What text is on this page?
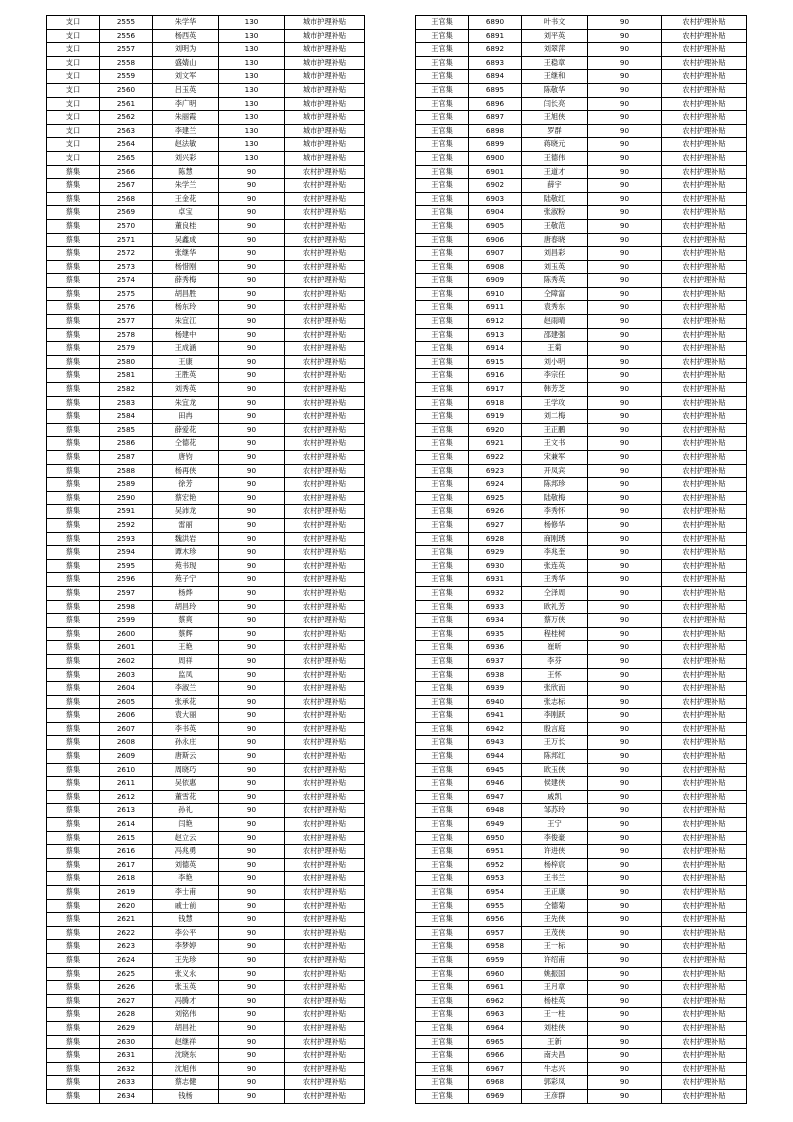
支口	2555	朱学华	130	城市护理补贴
支口	2556	杨西英	130	城市护理补贴
支口	2557	刘明为	130	城市护理补贴
支口	2558	盛婧山	130	城市护理补贴
支口	2559	刘文军	130	城市护理补贴
支口	2560	吕玉英	130	城市护理补贴
支口	2561	李广明	130	城市护理补贴
支口	2562	朱丽霞	130	城市护理补贴
支口	2563	李建兰	130	城市护理补贴
支口	2564	赵法敏	130	城市护理补贴
支口	2565	刘兴彩	130	城市护理补贴
蔡集	2566	陈慧	90	农村护理补贴
蔡集	2567	朱学兰	90	农村护理补贴
蔡集	2568	王金花	90	农村护理补贴
蔡集	2569	卓宝	90	农村护理补贴
蔡集	2570	董良桂	90	农村护理补贴
蔡集	2571	吴鑫成	90	农村护理补贴
蔡集	2572	张继华	90	农村护理补贴
蔡集	2573	杨惜刚	90	农村护理补贴
蔡集	2574	薛秀梅	90	农村护理补贴
蔡集	2575	胡昌胜	90	农村护理补贴
蔡集	2576	杨东玲	90	农村护理补贴
蔡集	2577	朱宜江	90	农村护理补贴
蔡集	2578	杨建中	90	农村护理补贴
蔡集	2579	王成涵	90	农村护理补贴
蔡集	2580	王康	90	农村护理补贴
蔡集	2581	王胜英	90	农村护理补贴
蔡集	2582	刘秀英	90	农村护理补贴
蔡集	2583	朱宜龙	90	农村护理补贴
蔡集	2584	田冉	90	农村护理补贴
蔡集	2585	薛爱花	90	农村护理补贴
蔡集	2586	仝德花	90	农村护理补贴
蔡集	2587	唐钧	90	农村护理补贴
蔡集	2588	杨再侠	90	农村护理补贴
蔡集	2589	徐芳	90	农村护理补贴
蔡集	2590	蔡宏艳	90	农村护理补贴
蔡集	2591	吴沛龙	90	农村护理补贴
蔡集	2592	雷丽	90	农村护理补贴
蔡集	2593	魏洪岩	90	农村护理补贴
蔡集	2594	谭木珍	90	农村护理补贴
蔡集	2595	苑书现	90	农村护理补贴
蔡集	2596	苑子宁	90	农村护理补贴
蔡集	2597	杨烨	90	农村护理补贴
蔡集	2598	胡昌玲	90	农村护理补贴
蔡集	2599	蔡爽	90	农村护理补贴
蔡集	2600	蔡辉	90	农村护理补贴
蔡集	2601	王艳	90	农村护理补贴
蔡集	2602	周祥	90	农村护理补贴
蔡集	2603	监凤	90	农村护理补贴
蔡集	2604	李淑兰	90	农村护理补贴
蔡集	2605	张承花	90	农村护理补贴
蔡集	2606	袁大丽	90	农村护理补贴
蔡集	2607	李书英	90	农村护理补贴
蔡集	2608	孙永庄	90	农村护理补贴
蔡集	2609	唐斯云	90	农村护理补贴
蔡集	2610	周晓巧	90	农村护理补贴
蔡集	2611	吴依惠	90	农村护理补贴
蔡集	2612	董雪花	90	农村护理补贴
蔡集	2613	孙礼	90	农村护理补贴
蔡集	2614	闫艳	90	农村护理补贴
蔡集	2615	赵立云	90	农村护理补贴
蔡集	2616	冯兆勇	90	农村护理补贴
蔡集	2617	刘德英	90	农村护理补贴
蔡集	2618	李艳	90	农村护理补贴
蔡集	2619	李士甫	90	农村护理补贴
蔡集	2620	戚士前	90	农村护理补贴
蔡集	2621	钱慧	90	农村护理补贴
蔡集	2622	李公平	90	农村护理补贴
蔡集	2623	李梦婷	90	农村护理补贴
蔡集	2624	王先珍	90	农村护理补贴
蔡集	2625	张义永	90	农村护理补贴
蔡集	2626	张玉英	90	农村护理补贴
蔡集	2627	冯腾才	90	农村护理补贴
蔡集	2628	刘铭伟	90	农村护理补贴
蔡集	2629	胡昌社	90	农村护理补贴
蔡集	2630	赵继祥	90	农村护理补贴
蔡集	2631	沈晓东	90	农村护理补贴
蔡集	2632	沈旭伟	90	农村护理补贴
蔡集	2633	蔡志健	90	农村护理补贴
蔡集	2634	钱杨	90	农村护理补贴
王官集	6890	叶书文	90	农村护理补贴
王官集	6891	刘平英	90	农村护理补贴
王官集	6892	刘翠萍	90	农村护理补贴
王官集	6893	王稳章	90	农村护理补贴
王官集	6894	王继和	90	农村护理补贴
王官集	6895	陈敬华	90	农村护理补贴
王官集	6896	闫长亮	90	农村护理补贴
王官集	6897	王旭侠	90	农村护理补贴
王官集	6898	罗群	90	农村护理补贴
王官集	6899	蒋晓元	90	农村护理补贴
王官集	6900	王德伟	90	农村护理补贴
王官集	6901	王道才	90	农村护理补贴
王官集	6902	薛宇	90	农村护理补贴
王官集	6903	陆敬红	90	农村护理补贴
王官集	6904	张淑粉	90	农村护理补贴
王官集	6905	王敬范	90	农村护理补贴
王官集	6906	唐春晓	90	农村护理补贴
王官集	6907	刘昌彩	90	农村护理补贴
王官集	6908	刘玉英	90	农村护理补贴
王官集	6909	陈秀英	90	农村护理补贴
王官集	6910	仝障富	90	农村护理补贴
王官集	6911	袁秀东	90	农村护理补贴
王官集	6912	赵雨晴	90	农村护理补贴
王官集	6913	邵建强	90	农村护理补贴
王官集	6914	王菊	90	农村护理补贴
王官集	6915	刘小明	90	农村护理补贴
王官集	6916	李宗任	90	农村护理补贴
王官集	6917	韩芳芝	90	农村护理补贴
王官集	6918	王学攻	90	农村护理补贴
王官集	6919	刘二梅	90	农村护理补贴
王官集	6920	王正鹏	90	农村护理补贴
王官集	6921	王文书	90	农村护理补贴
王官集	6922	宋兼军	90	农村护理补贴
王官集	6923	开凤宾	90	农村护理补贴
王官集	6924	陈邦珍	90	农村护理补贴
王官集	6925	陆敬梅	90	农村护理补贴
王官集	6926	李秀怀	90	农村护理补贴
王官集	6927	杨修华	90	农村护理补贴
王官集	6928	商刚琇	90	农村护理补贴
王官集	6929	李兆奎	90	农村护理补贴
王官集	6930	张连英	90	农村护理补贴
王官集	6931	王秀华	90	农村护理补贴
王官集	6932	仝泽周	90	农村护理补贴
王官集	6933	欧礼芳	90	农村护理补贴
王官集	6934	蔡万侠	90	农村护理补贴
王官集	6935	程桂树	90	农村护理补贴
王官集	6936	崔昕	90	农村护理补贴
王官集	6937	李芬	90	农村护理补贴
王官集	6938	王怀	90	农村护理补贴
王官集	6939	张欣而	90	农村护理补贴
王官集	6940	张志标	90	农村护理补贴
王官集	6941	李刚跃	90	农村护理补贴
王官集	6942	殷言庭	90	农村护理补贴
王官集	6943	王万长	90	农村护理补贴
王官集	6944	陈邦红	90	农村护理补贴
王官集	6945	欧玉侠	90	农村护理补贴
王官集	6946	侯建侠	90	农村护理补贴
王官集	6947	戚凯	90	农村护理补贴
王官集	6948	邹苏玲	90	农村护理补贴
王官集	6949	王宁	90	农村护理补贴
王官集	6950	李俊豪	90	农村护理补贴
王官集	6951	许进侠	90	农村护理补贴
王官集	6952	杨梓宸	90	农村护理补贴
王官集	6953	王书兰	90	农村护理补贴
王官集	6954	王正康	90	农村护理补贴
王官集	6955	仝德菊	90	农村护理补贴
王官集	6956	王先侠	90	农村护理补贴
王官集	6957	王茂侠	90	农村护理补贴
王官集	6958	王一标	90	农村护理补贴
王官集	6959	许绍甫	90	农村护理补贴
王官集	6960	姚振国	90	农村护理补贴
王官集	6961	王月章	90	农村护理补贴
王官集	6962	杨桂英	90	农村护理补贴
王官集	6963	王一柱	90	农村护理补贴
王官集	6964	刘桂侠	90	农村护理补贴
王官集	6965	王新	90	农村护理补贴
王官集	6966	南夫昌	90	农村护理补贴
王官集	6967	牛志兴	90	农村护理补贴
王官集	6968	郭彩凤	90	农村护理补贴
王官集	6969	王彦群	90	农村护理补贴
